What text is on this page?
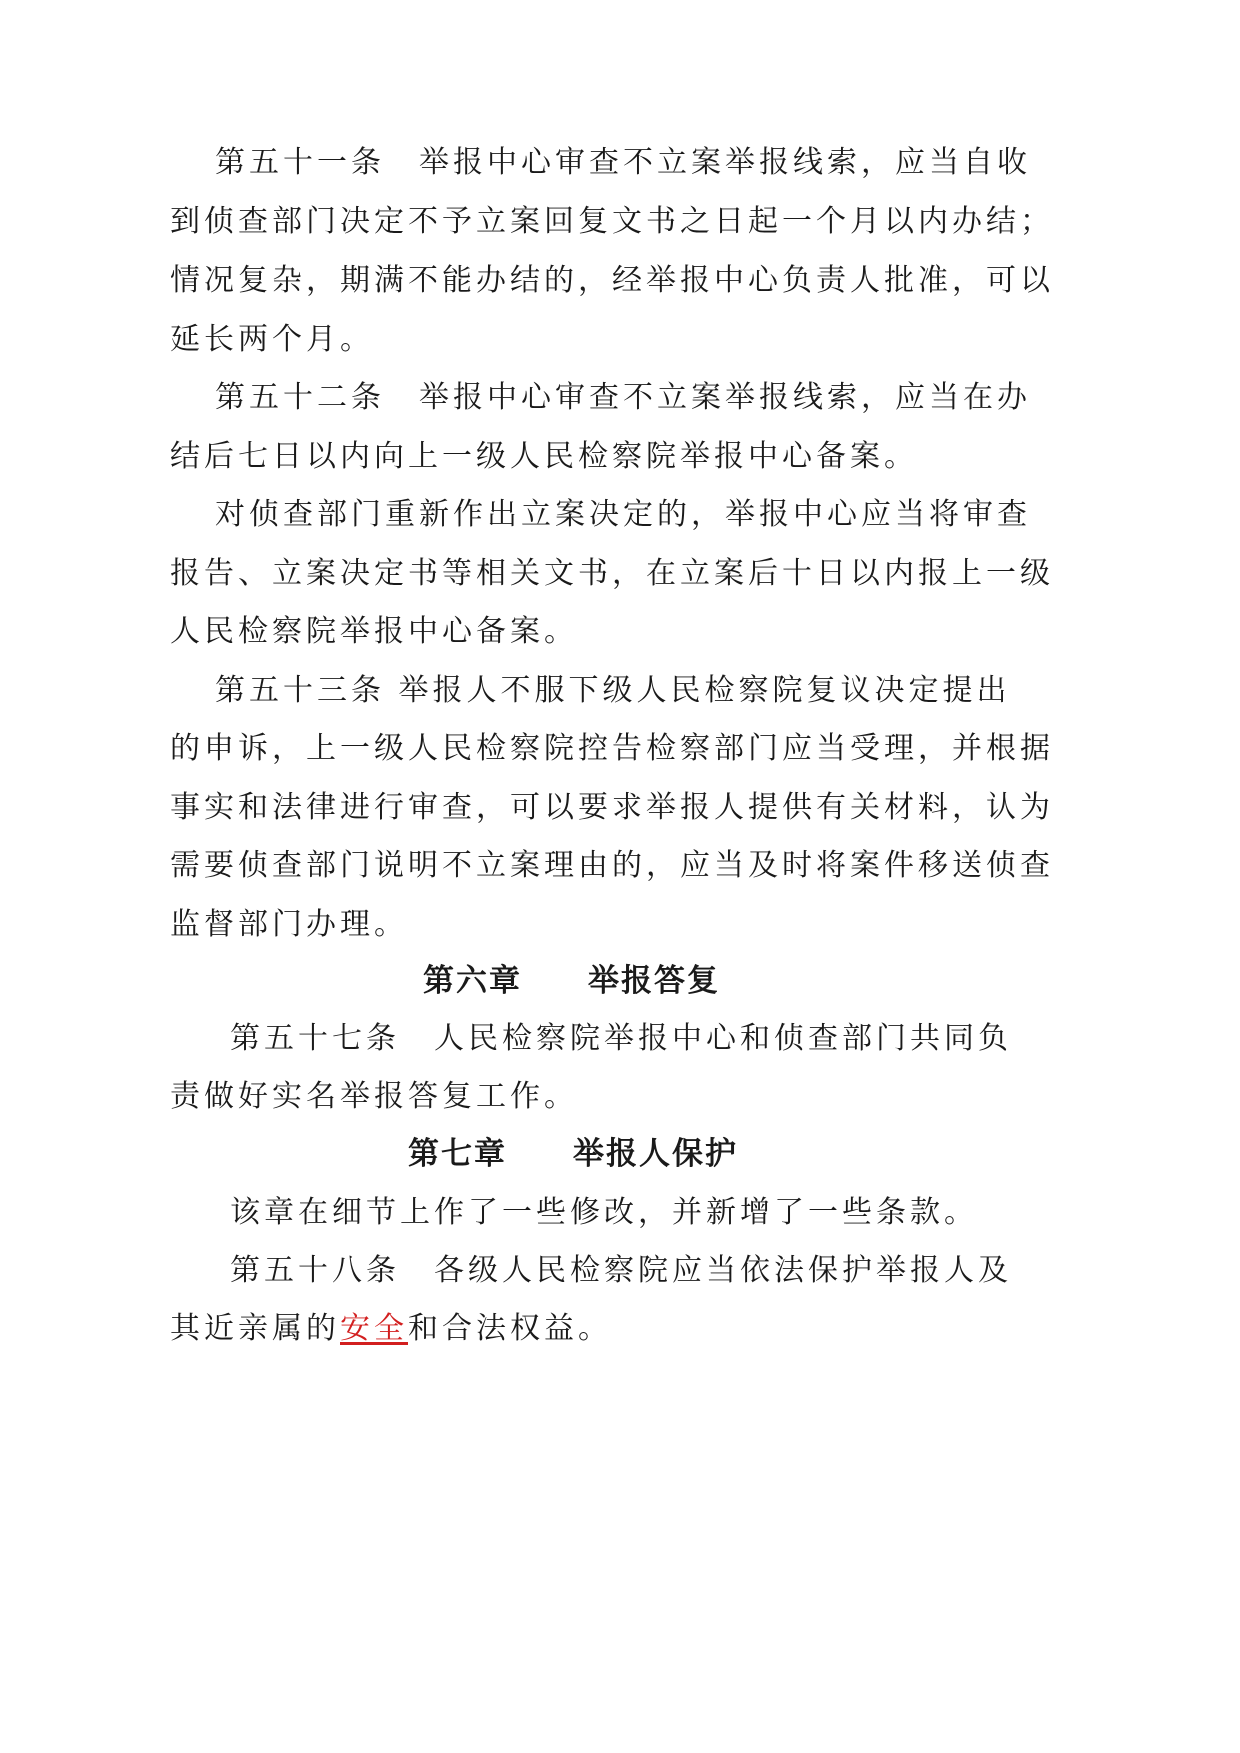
第五十一条　举报中心审查不立案举报线索，应当自收

到侦查部门决定不予立案回复文书之日起一个月以内办结；

情况复杂，期满不能办结的，经举报中心负责人批准，可以

延长两个月。

第五十二条　举报中心审查不立案举报线索，应当在办

结后七日以内向上一级人民检察院举报中心备案。

对侦查部门重新作出立案决定的，举报中心应当将审查

报告、立案决定书等相关文书，在立案后十日以内报上一级

人民检察院举报中心备案。

第五十三条 举报人不服下级人民检察院复议决定提出

的申诉，上一级人民检察院控告检察部门应当受理，并根据

事实和法律进行审查，可以要求举报人提供有关材料，认为

需要侦查部门说明不立案理由的，应当及时将案件移送侦查

监督部门办理。

第六章 举报答复

第五十七条　人民检察院举报中心和侦查部门共同负

责做好实名举报答复工作。

第七章 举报人保护

该章在细节上作了一些修改，并新增了一些条款。

第五十八条　各级人民检察院应当依法保护举报人及

其近亲属的安全和合法权益。
